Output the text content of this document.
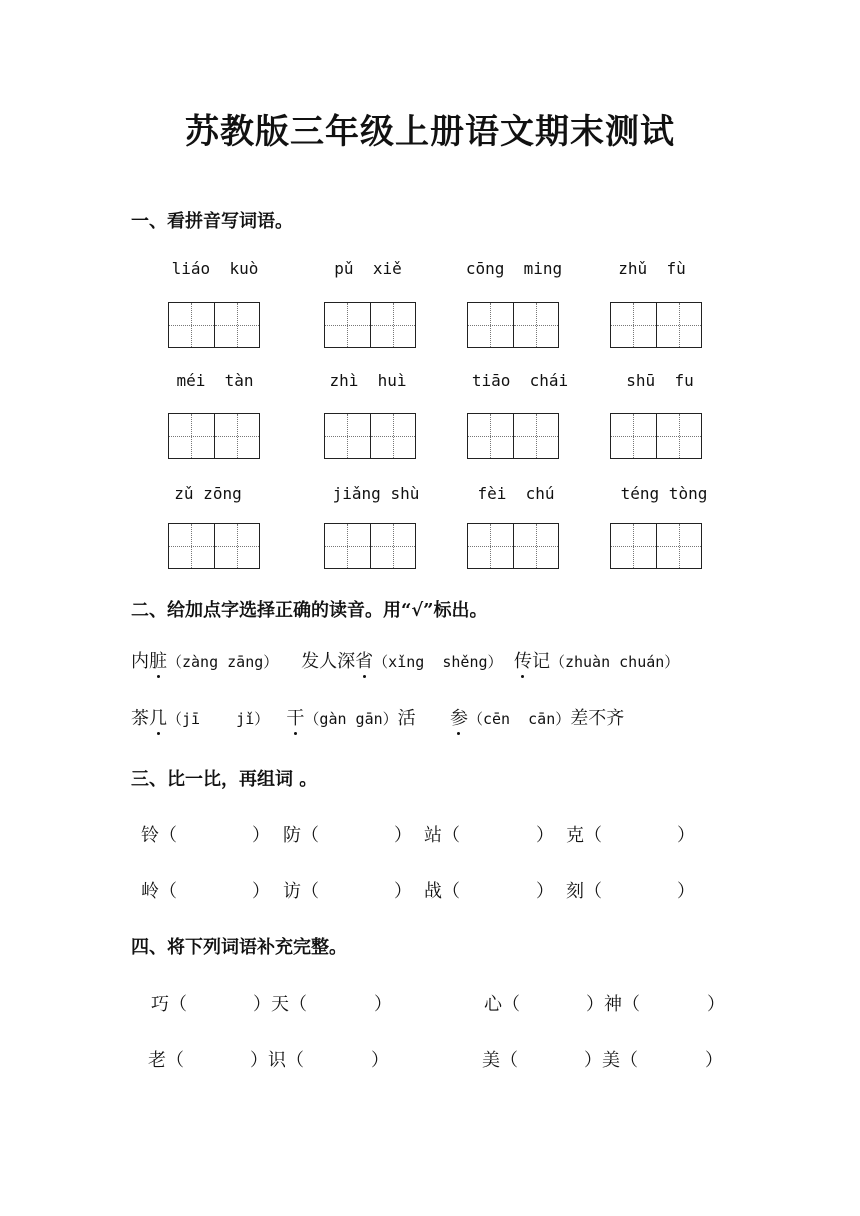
苏教版三年级上册语文期末测试
一、看拼音写词语。
liáo  kuò	pǔ  xiě	cōng  ming	zhǔ  fù
méi  tàn	zhì  huì	tiāo  chái	shū  fu
zǔ zōng	jiǎng shù	fèi  chú	téng tòng
二、给加点字选择正确的读音。用“√”标出。
内脏（zàng zāng） 发人深省（xǐng  shěng） 传记（zhuàn chuán）
茶几（jī    jǐ） 干（gàn gān）活 参（cēn  cān）差不齐
三、比一比，再组词 。
铃（	） 防（	） 站（	） 克（	）
岭（	） 访（	） 战（	） 刻（	）
四、将下列词语补充完整。
巧（	）天（	）	心（	）神（	）
老（	）识（	）	美（	）美（	）
